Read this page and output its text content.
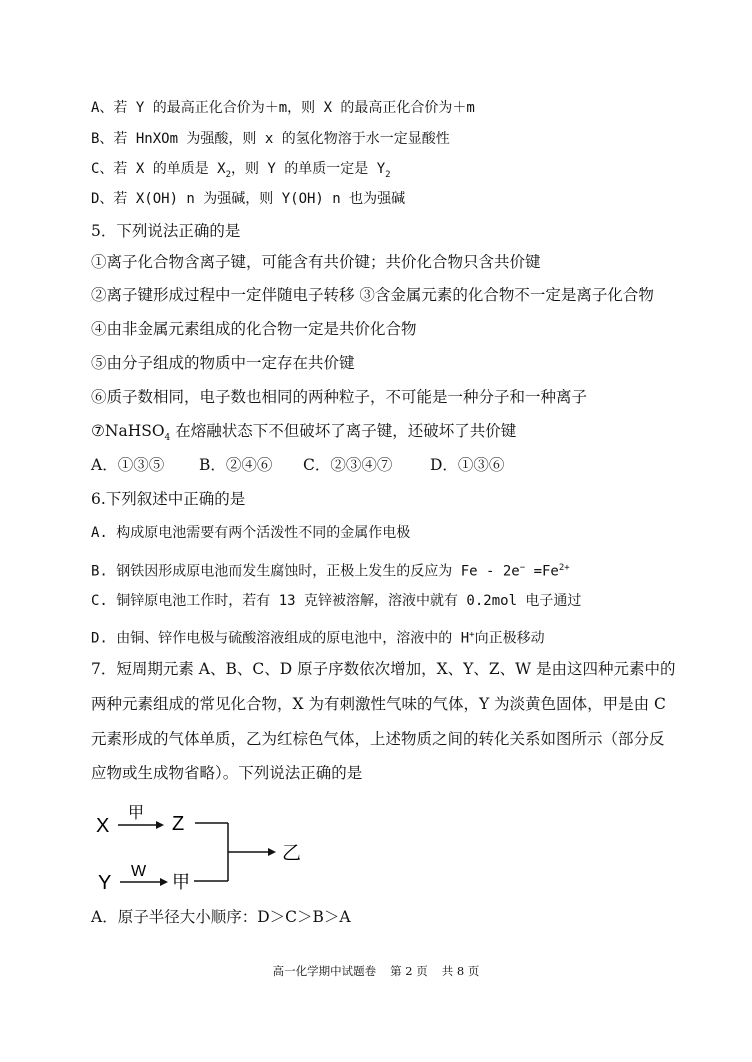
A、若 Y 的最高正化合价为＋m，则 X 的最高正化合价为＋m
B、若 HnXOm 为强酸，则 x 的氢化物溶于水一定显酸性
C、若 X 的单质是 $X_2$，则 Y 的单质一定是 $Y_2$
D、若 X(OH) n 为强碱，则 Y(OH) n 也为强碱
5．下列说法正确的是
①离子化合物含离子键，可能含有共价键；共价化合物只含共价键
②离子键形成过程中一定伴随电子转移 ③含金属元素的化合物不一定是离子化合物
④由非金属元素组成的化合物一定是共价化合物
⑤由分子组成的物质中一定存在共价键
⑥质子数相同，电子数也相同的两种粒子，不可能是一种分子和一种离子
⑦NaHSO$_4$ 在熔融状态下不但破坏了离子键，还破坏了共价键
A．①③⑤ B．②④⑥ C．②③④⑦ D．①③⑥
6.下列叙述中正确的是
A. 构成原电池需要有两个活泼性不同的金属作电极
B. 钢铁因形成原电池而发生腐蚀时，正极上发生的反应为 $Fe - 2e^- =Fe^{2+}$
C. 铜锌原电池工作时，若有 13 克锌被溶解，溶液中就有 0.2mol 电子通过
D. 由铜、锌作电极与硫酸溶液组成的原电池中，溶液中的 H+向正极移动
7．短周期元素 A、B、C、D 原子序数依次增加，X、Y、Z、W 是由这四种元素中的
两种元素组成的常见化合物，X 为有刺激性气味的气体，Y 为淡黄色固体，甲是由 C
元素形成的气体单质，乙为红棕色气体，上述物质之间的转化关系如图所示（部分反
应物或生成物省略）。下列说法正确的是
X
甲 Z
Y
W
甲
乙
A．原子半径大小顺序：D＞C＞B＞A
高一化学期中试题卷 第 2 页 共 8 页
